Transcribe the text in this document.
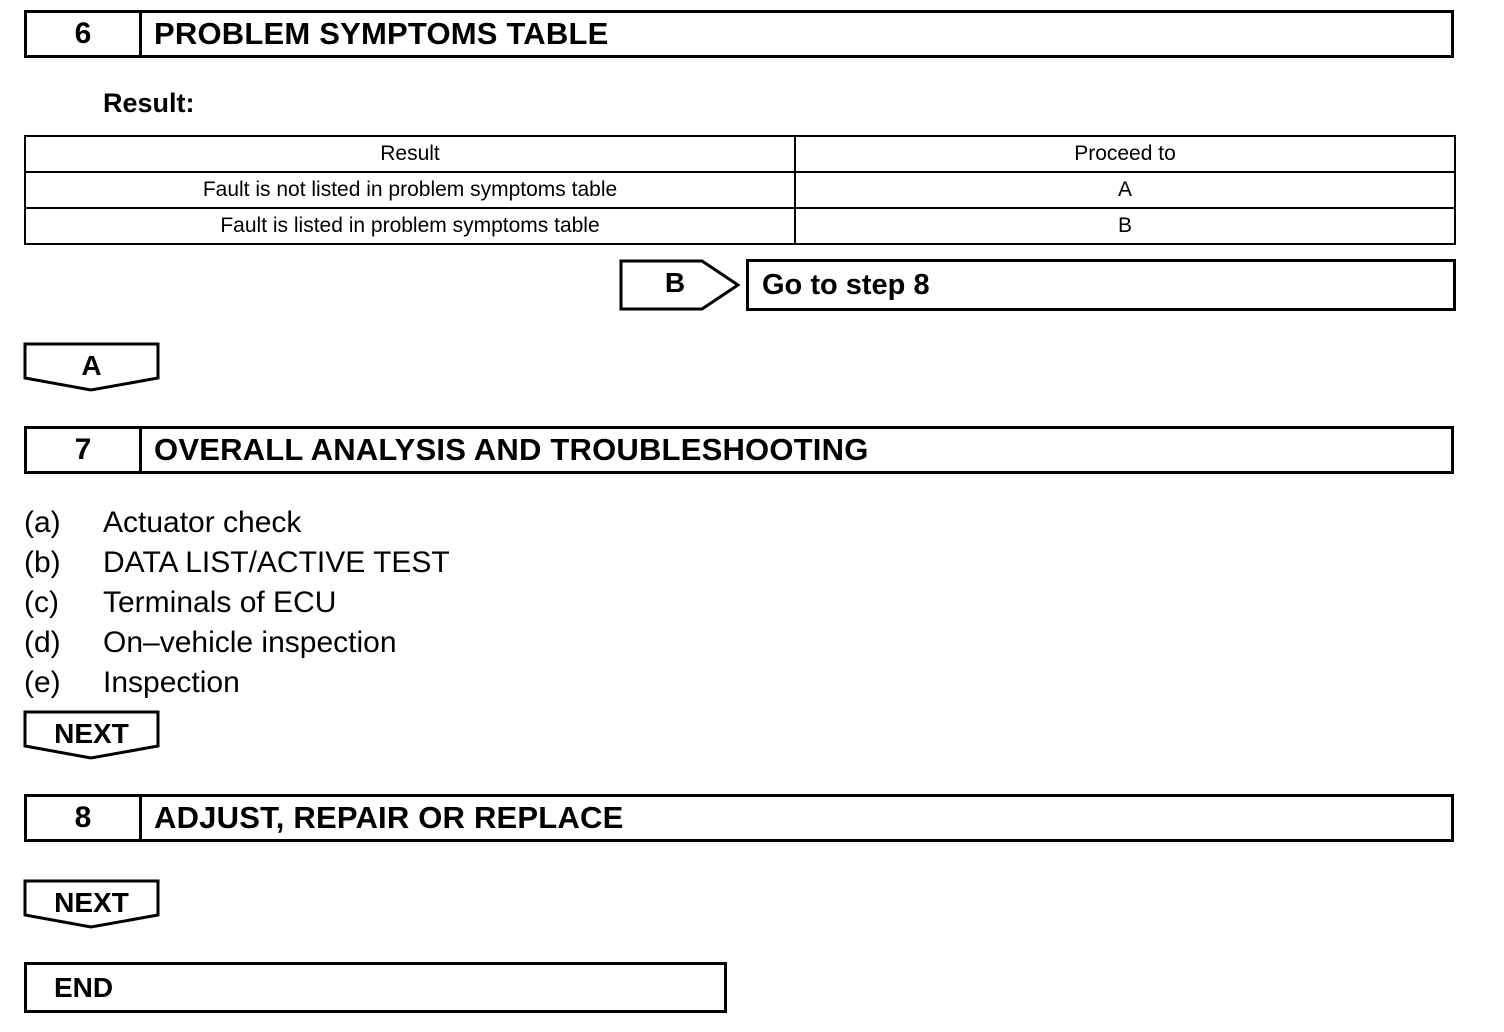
6	PROBLEM SYMPTOMS TABLE
Result:
Result	Proceed to
Fault is not listed in problem symptoms table	A
Fault is listed in problem symptoms table	B
B	Go to step 8
A
7	OVERALL ANALYSIS AND TROUBLESHOOTING
(a) Actuator check
(b) DATA LIST/ACTIVE TEST
(c) Terminals of ECU
(d) On–vehicle inspection
(e) Inspection
NEXT
8	ADJUST, REPAIR OR REPLACE
NEXT
END
